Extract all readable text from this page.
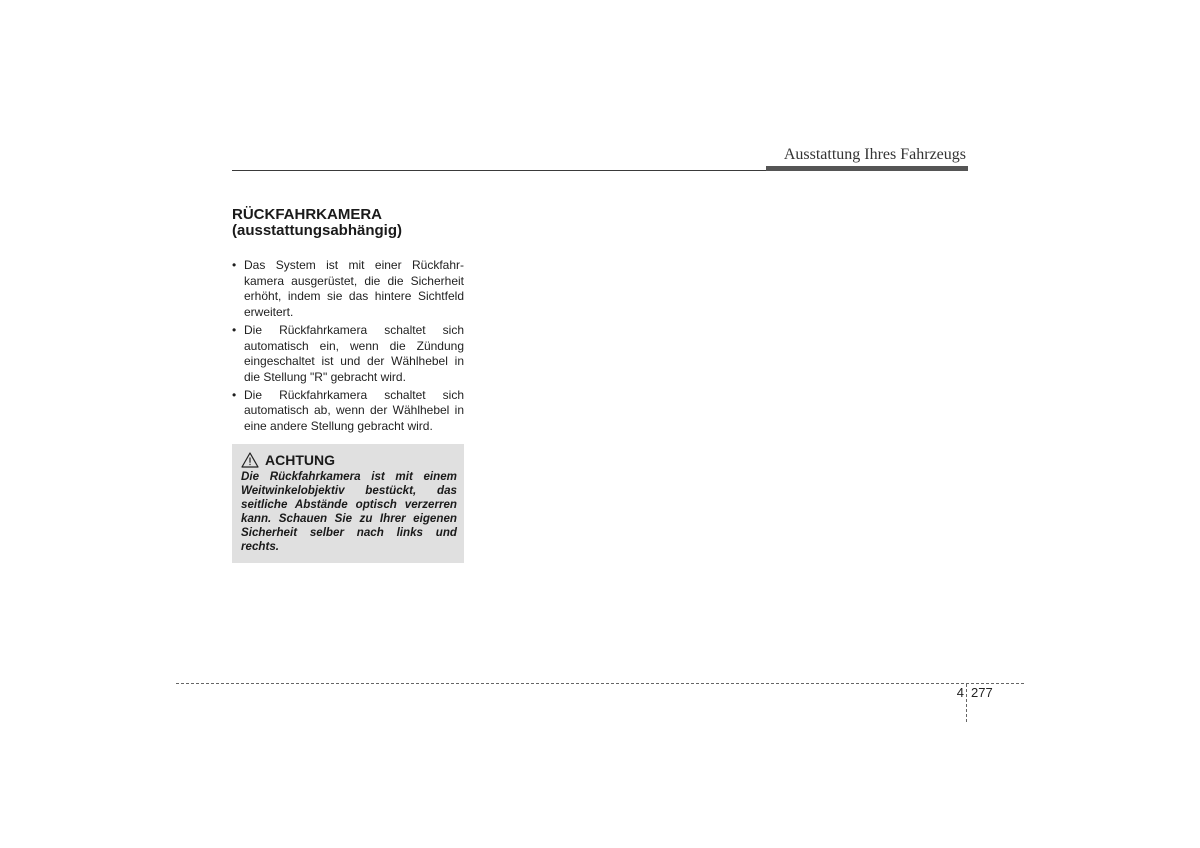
Ausstattung Ihres Fahrzeugs
RÜCKFAHRKAMERA
(ausstattungsabhängig)
• Das System ist mit einer Rückfahr-kamera ausgerüstet, die die Sicherheit erhöht, indem sie das hintere Sichtfeld erweitert.
• Die Rückfahrkamera schaltet sich automatisch ein, wenn die Zündung eingeschaltet ist und der Wählhebel in die Stellung "R" gebracht wird.
• Die Rückfahrkamera schaltet sich automatisch ab, wenn der Wählhebel in eine andere Stellung gebracht wird.
ACHTUNG
Die Rückfahrkamera ist mit einem Weitwinkelobjektiv bestückt, das seitliche Abstände optisch verzerren kann. Schauen Sie zu Ihrer eigenen Sicherheit selber nach links und rechts.
4 277
